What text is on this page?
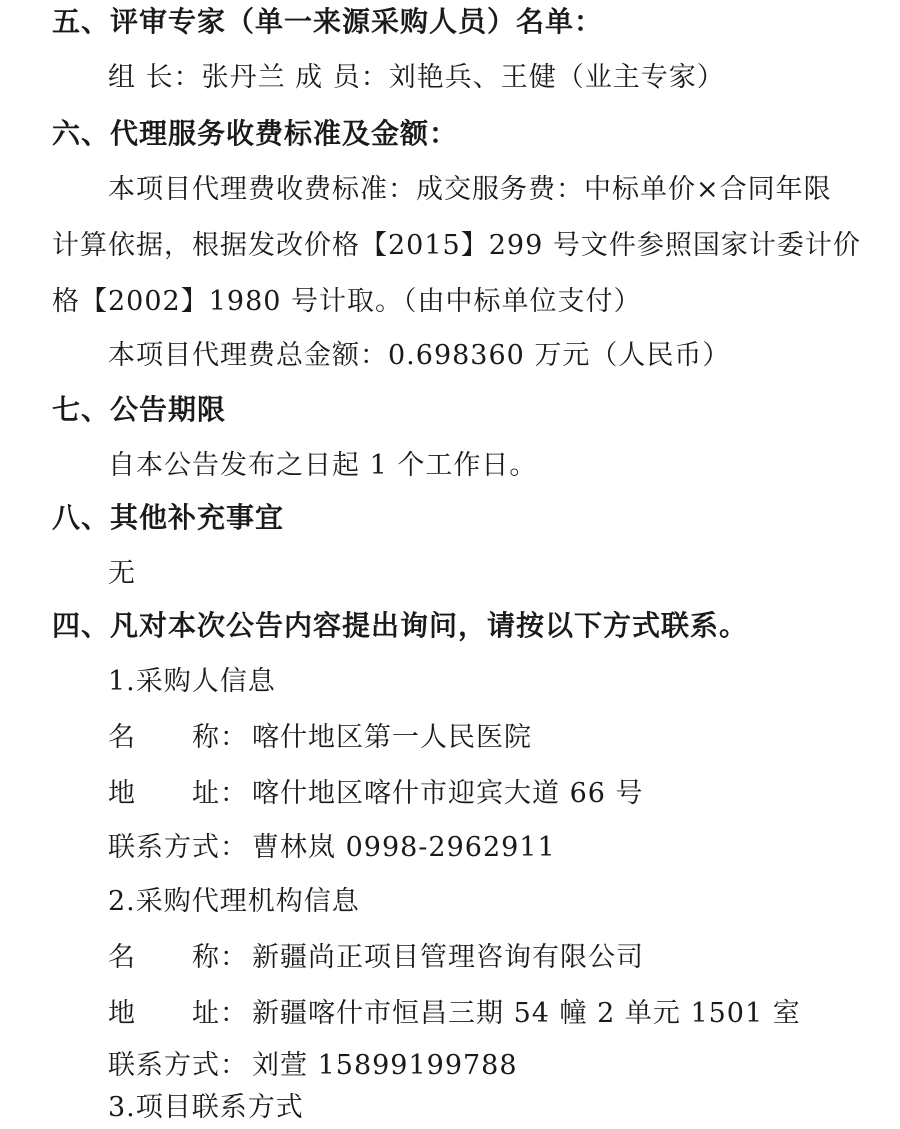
五、评审专家（单一来源采购人员）名单：
组 长：张丹兰 成 员：刘艳兵、王健（业主专家）
六、代理服务收费标准及金额：
本项目代理费收费标准：成交服务费：中标单价×合同年限
计算依据，根据发改价格【2015】299 号文件参照国家计委计价
格【2002】1980 号计取。（由中标单位支付）
本项目代理费总金额：0.698360 万元（人民币）
七、公告期限
自本公告发布之日起 1 个工作日。
八、其他补充事宜
无
四、凡对本次公告内容提出询问，请按以下方式联系。
1.采购人信息
名　　称： 喀什地区第一人民医院
地　　址： 喀什地区喀什市迎宾大道 66 号
联系方式： 曹林岚 0998-2962911
2.采购代理机构信息
名　　称： 新疆尚正项目管理咨询有限公司
地　　址： 新疆喀什市恒昌三期 54 幢 2 单元 1501 室
联系方式： 刘萱 15899199788
3.项目联系方式
